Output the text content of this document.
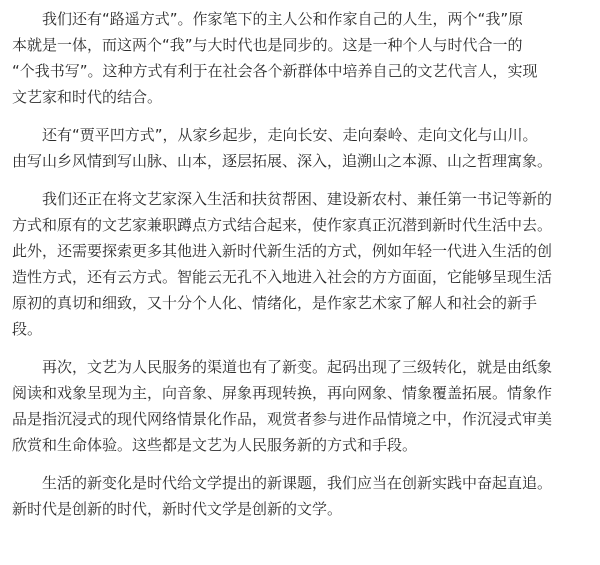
　　我们还有“路遥方式”。作家笔下的主人公和作家自己的人生，两个“我”原
本就是一体，而这两个“我”与大时代也是同步的。这是一种个人与时代合一的
“个我书写”。这种方式有利于在社会各个新群体中培养自己的文艺代言人，实现
文艺家和时代的结合。

　　还有“贾平凹方式”，从家乡起步，走向长安、走向秦岭、走向文化与山川。
由写山乡风情到写山脉、山本，逐层拓展、深入，追溯山之本源、山之哲理寓象。

　　我们还正在将文艺家深入生活和扶贫帮困、建设新农村、兼任第一书记等新的
方式和原有的文艺家兼职蹲点方式结合起来，使作家真正沉潜到新时代生活中去。
此外，还需要探索更多其他进入新时代新生活的方式，例如年轻一代进入生活的创
造性方式，还有云方式。智能云无孔不入地进入社会的方方面面，它能够呈现生活
原初的真切和细致，又十分个人化、情绪化，是作家艺术家了解人和社会的新手
段。

　　再次，文艺为人民服务的渠道也有了新变。起码出现了三级转化，就是由纸象
阅读和戏象呈现为主，向音象、屏象再现转换，再向网象、情象覆盖拓展。情象作
品是指沉浸式的现代网络情景化作品，观赏者参与进作品情境之中，作沉浸式审美
欣赏和生命体验。这些都是文艺为人民服务新的方式和手段。

　　生活的新变化是时代给文学提出的新课题，我们应当在创新实践中奋起直追。
新时代是创新的时代，新时代文学是创新的文学。
